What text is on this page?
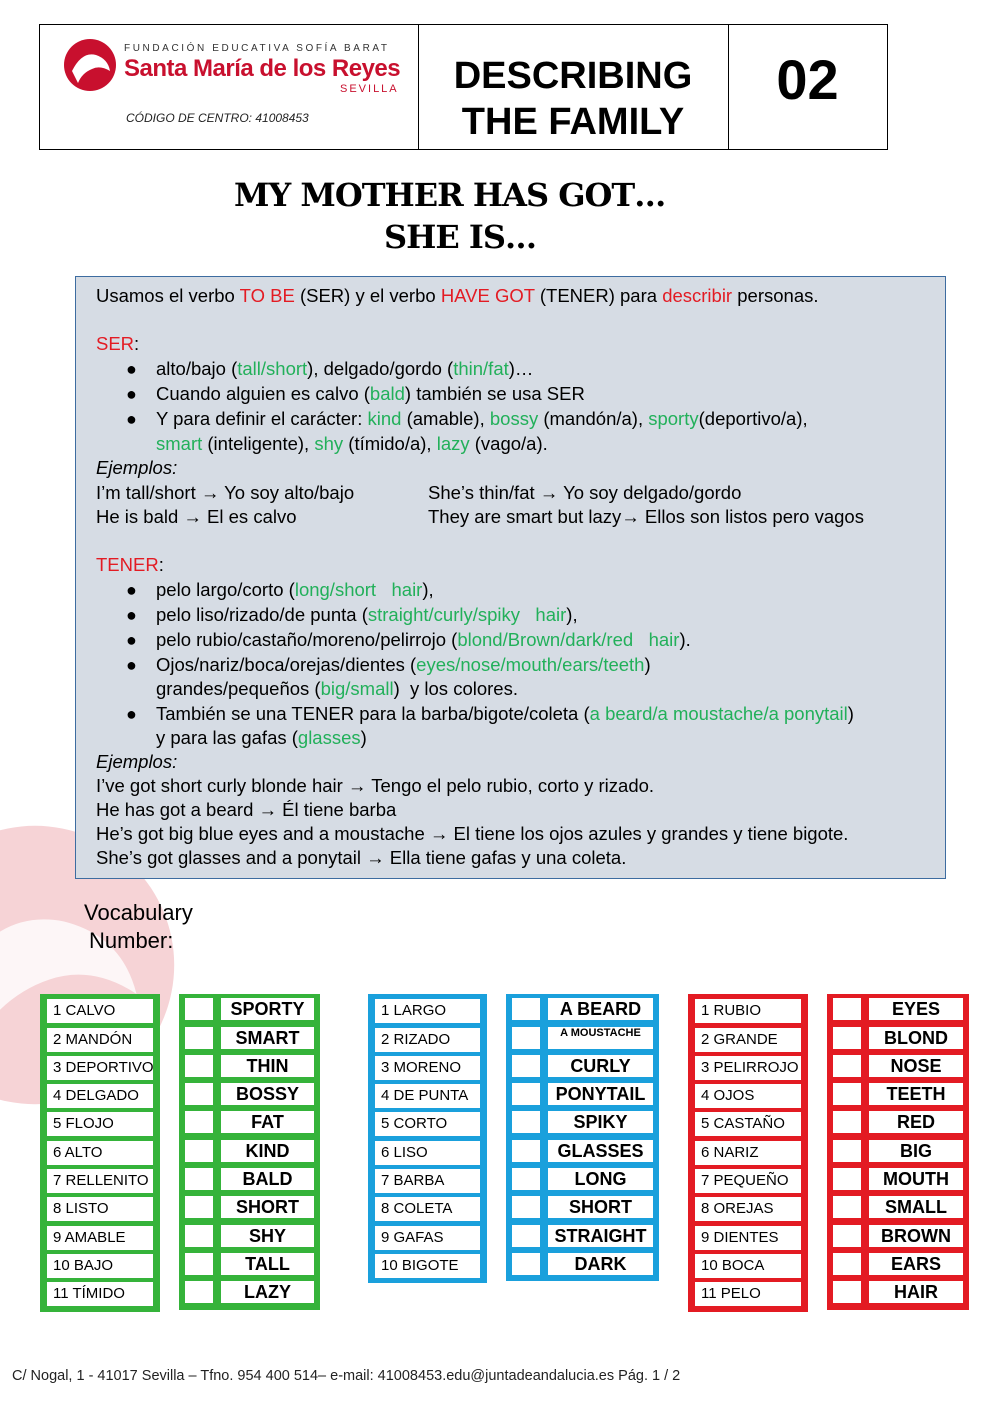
FUNDACIÓN EDUCATIVA SOFÍA BARAT
Santa María de los Reyes
SEVILLA
CÓDIGO DE CENTRO: 41008453
DESCRIBING
THE FAMILY
02
MY MOTHER HAS GOT…
SHE IS…
Usamos el verbo TO BE (SER) y el verbo HAVE GOT (TENER) para describir personas.
SER:
● alto/bajo (tall/short), delgado/gordo (thin/fat)…
● Cuando alguien es calvo (bald) también se usa SER
● Y para definir el carácter: kind (amable), bossy (mandón/a), sporty(deportivo/a),
smart (inteligente), shy (tímido/a), lazy (vago/a).
Ejemplos:
I’m tall/short → Yo soy alto/bajo	She’s thin/fat → Yo soy delgado/gordo
He is bald → El es calvo	They are smart but lazy→ Ellos son listos pero vagos
TENER:
● pelo largo/corto (long/short   hair),
● pelo liso/rizado/de punta (straight/curly/spiky   hair),
● pelo rubio/castaño/moreno/pelirrojo (blond/Brown/dark/red   hair).
● Ojos/nariz/boca/orejas/dientes (eyes/nose/mouth/ears/teeth)
grandes/pequeños (big/small)  y los colores.
● También se una TENER para la barba/bigote/coleta (a beard/a moustache/a ponytail)
y para las gafas (glasses)
Ejemplos:
I’ve got short curly blonde hair → Tengo el pelo rubio, corto y rizado.
He has got a beard → Él tiene barba
He’s got big blue eyes and a moustache → El tiene los ojos azules y grandes y tiene bigote.
She’s got glasses and a ponytail → Ella tiene gafas y una coleta.
Vocabulary
Number:
1 CALVO
2 MANDÓN
3 DEPORTIVO
4 DELGADO
5 FLOJO
6 ALTO
7 RELLENITO
8 LISTO
9 AMABLE
10 BAJO
11 TÍMIDO
SPORTY
SMART
THIN
BOSSY
FAT
KIND
BALD
SHORT
SHY
TALL
LAZY
1 LARGO
2 RIZADO
3 MORENO
4 DE PUNTA
5 CORTO
6 LISO
7 BARBA
8 COLETA
9 GAFAS
10 BIGOTE
A BEARD
A MOUSTACHE
CURLY
PONYTAIL
SPIKY
GLASSES
LONG
SHORT
STRAIGHT
DARK
1 RUBIO
2 GRANDE
3 PELIRROJO
4 OJOS
5 CASTAÑO
6 NARIZ
7 PEQUEÑO
8 OREJAS
9 DIENTES
10 BOCA
11 PELO
EYES
BLOND
NOSE
TEETH
RED
BIG
MOUTH
SMALL
BROWN
EARS
HAIR
C/ Nogal, 1 - 41017 Sevilla – Tfno. 954 400 514– e-mail: 41008453.edu@juntadeandalucia.es Pág. 1 / 2
